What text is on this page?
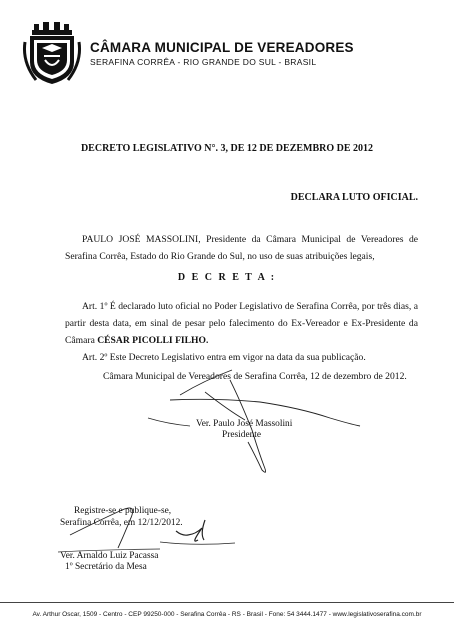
CÂMARA MUNICIPAL DE VEREADORES
SERAFINA CORRÊA - RIO GRANDE DO SUL - BRASIL
DECRETO LEGISLATIVO N°. 3, DE 12 DE DEZEMBRO DE 2012
DECLARA LUTO OFICIAL.
PAULO JOSÉ MASSOLINI, Presidente da Câmara Municipal de Vereadores de Serafina Corrêa, Estado do Rio Grande do Sul, no uso de suas atribuições legais,
D E C R E T A :
Art. 1º É declarado luto oficial no Poder Legislativo de Serafina Corrêa, por três dias, a partir desta data, em sinal de pesar pelo falecimento do Ex-Vereador e Ex-Presidente da Câmara CÉSAR PICOLLI FILHO.
Art. 2º Este Decreto Legislativo entra em vigor na data da sua publicação.
Câmara Municipal de Vereadores de Serafina Corrêa, 12 de dezembro de 2012.
Ver. Paulo José Massolini
Presidente
Registre-se e publique-se,
Serafina Corrêa, em 12/12/2012.
Ver. Arnaldo Luiz Pacassa
1º Secretário da Mesa
Av. Arthur Oscar, 1509 - Centro - CEP 99250-000 - Serafina Corrêa - RS - Brasil - Fone: 54 3444.1477 - www.legislativoserafina.com.br
